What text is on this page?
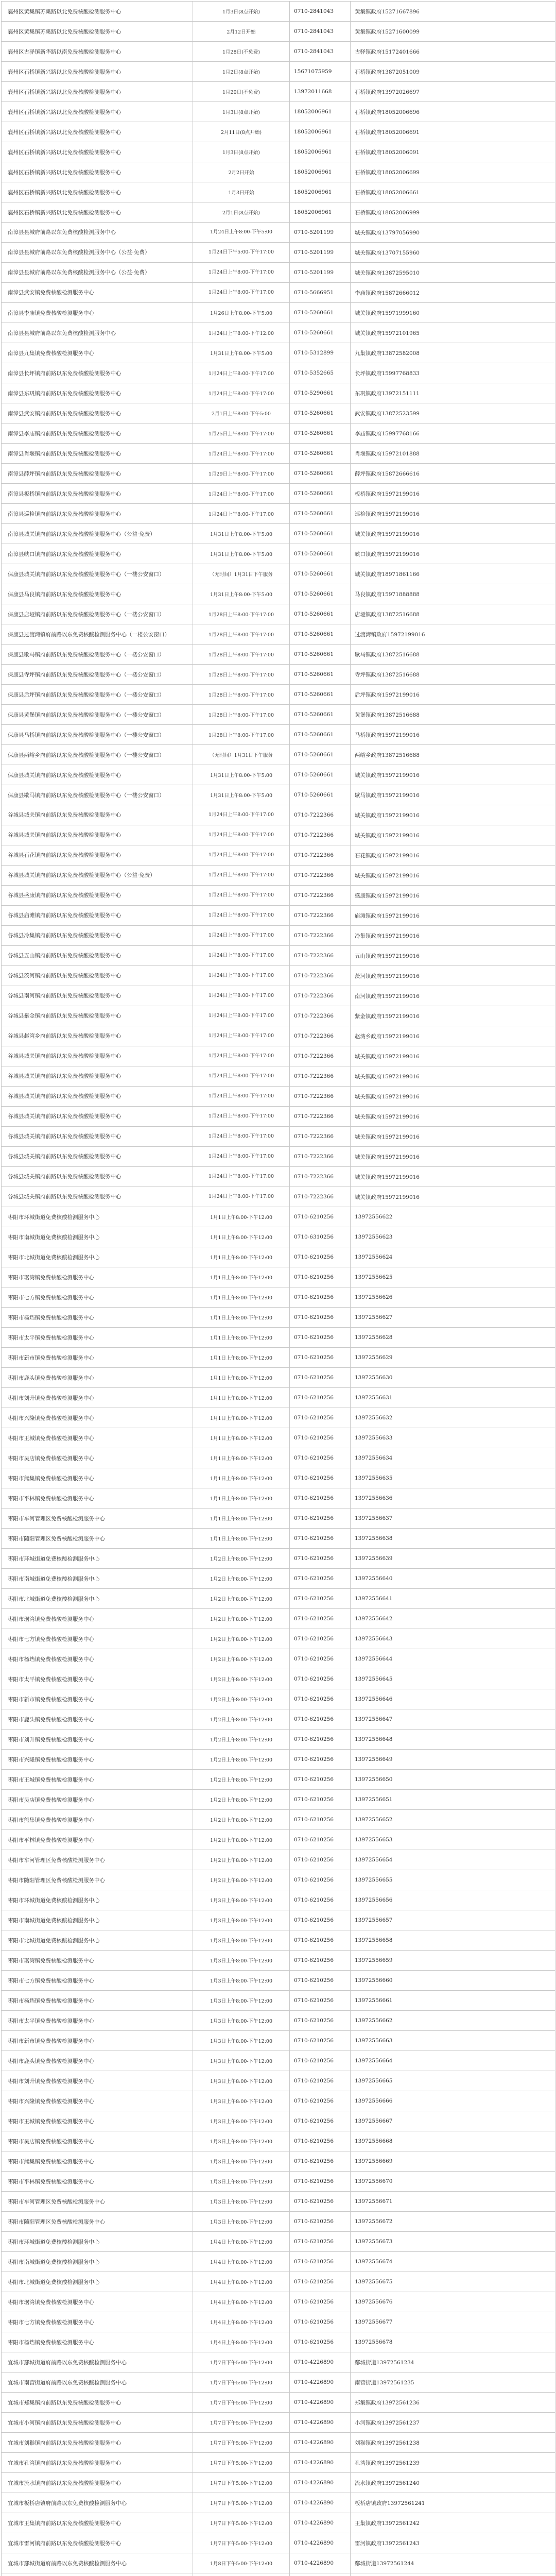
襄州区黄集镇苏集路以北免费核酸检测服务中心	1月3日(8点开始)	0710-2841043	黄集镇政府15271667896
襄州区黄集镇苏集路以北免费核酸检测服务中心	2月12日开始	0710-2841043	黄集镇政府15271600099
襄州区古驿镇新华路以南免费核酸检测服务中心	1月28日(不免费)	0710-2841043	古驿镇政府15172401666
襄州区石桥镇新兴路以北免费核酸检测服务中心	1月2日(8点开始)	15671075959	石桥镇政府13872051009
襄州区石桥镇新兴路以北免费核酸检测服务中心	1月20日(不免费)	13972011668	石桥镇政府13972026697
襄州区石桥镇新兴路以北免费核酸检测服务中心	1月3日(8点开始)	18052006961	石桥镇政府18052006696
襄州区石桥镇新兴路以北免费核酸检测服务中心	2月11日(8点开始)	18052006961	石桥镇政府18052006691
襄州区石桥镇新兴路以北免费核酸检测服务中心	1月3日(8点开始)	18052006961	石桥镇政府18052006091
襄州区石桥镇新兴路以北免费核酸检测服务中心	2月2日开始	18052006961	石桥镇政府18052006699
襄州区石桥镇新兴路以北免费核酸检测服务中心	1月3日开始	18052006961	石桥镇政府18052006661
襄州区石桥镇新兴路以北免费核酸检测服务中心	2月1日(8点开始)	18052006961	石桥镇政府18052006999
南漳县县城府前路以东免费核酸检测服务中心	1月24日上午8:00-下午5:00	0710-5201199	城关镇政府13797056990
南漳县县城府前路以东免费核酸检测服务中心（公益·免费）	1月24日下午5:00-下午17:00	0710-5201199	城关镇政府13707155960
南漳县县城府前路以东免费核酸检测服务中心（公益·免费）	1月24日上午8:00-下午17:00	0710-5201199	城关镇政府13872595010
南漳县武安镇免费核酸检测服务中心	1月24日上午8:00-下午17:00	0710-5666951	李庙镇政府15872666012
南漳县李庙镇免费核酸检测服务中心	1月26日上午8:00-下午5:00	0710-5260661	城关镇政府15971999160
南漳县县城府前路以东免费核酸检测服务中心	1月24日上午8:00-下午12:00	0710-5260661	城关镇政府15972101965
南漳县九集镇免费核酸检测服务中心	1月31日上午8:00-下午5:00	0710-5312899	九集镇政府13872582008
南漳县长坪镇府前路以东免费核酸检测服务中心	1月24日上午8:00-下午17:00	0710-5352665	长坪镇政府15997768833
南漳县东巩镇府前路以东免费核酸检测服务中心	1月24日上午8:00-下午17:00	0710-5290661	东巩镇政府13972151111
南漳县武安镇府前路以东免费核酸检测服务中心	2月1日上午8:00-下午5:00	0710-5260661	武安镇政府13872523599
南漳县李庙镇府前路以东免费核酸检测服务中心	1月25日上午8:00-下午17:00	0710-5260661	李庙镇政府15997768166
南漳县肖堰镇府前路以东免费核酸检测服务中心	1月24日上午8:00-下午17:00	0710-5260661	肖堰镇政府15972101888
南漳县薛坪镇府前路以东免费核酸检测服务中心	1月29日上午8:00-下午17:00	0710-5260661	薛坪镇政府15872666616
南漳县板桥镇府前路以东免费核酸检测服务中心	1月24日上午8:00-下午17:00	0710-5260661	板桥镇政府15972199016
南漳县巡检镇府前路以东免费核酸检测服务中心	1月24日上午8:00-下午17:00	0710-5260661	巡检镇政府15972199016
南漳县城关镇府前路以东免费核酸检测服务中心（公益·免费）	1月31日上午8:00-下午5:00	0710-5260661	城关镇政府15972199016
南漳县峡口镇府前路以东免费核酸检测服务中心	1月31日上午8:00-下午5:00	0710-5260661	峡口镇政府15972199016
保康县城关镇府前路以东免费核酸检测服务中心（一楼公安窗口）	（无时间）1月31日下午服务	0710-5260661	城关镇政府18971861166
保康县马良镇府前路以东免费核酸检测服务中心	1月31日上午8:00-下午5:00	0710-5260661	马良镇政府15971888888
保康县店垭镇府前路以东免费核酸检测服务中心（一楼公安窗口）	1月28日上午8:00-下午17:00	0710-5260661	店垭镇政府13872516688
保康县过渡湾镇府前路以东免费核酸检测服务中心（一楼公安窗口）	1月28日上午8:00-下午17:00	0710-5260661	过渡湾镇政府15972199016
保康县歇马镇府前路以东免费核酸检测服务中心（一楼公安窗口）	1月28日上午8:00-下午17:00	0710-5260661	歇马镇政府13872516688
保康县寺坪镇府前路以东免费核酸检测服务中心（一楼公安窗口）	1月28日上午8:00-下午17:00	0710-5260661	寺坪镇政府13872516688
保康县后坪镇府前路以东免费核酸检测服务中心（一楼公安窗口）	1月28日上午8:00-下午17:00	0710-5260661	后坪镇政府15972199016
保康县黄堡镇府前路以东免费核酸检测服务中心（一楼公安窗口）	1月28日上午8:00-下午17:00	0710-5260661	黄堡镇政府13872516688
保康县马桥镇府前路以东免费核酸检测服务中心（一楼公安窗口）	1月28日上午8:00-下午17:00	0710-5260661	马桥镇政府15972199016
保康县两峪乡府前路以东免费核酸检测服务中心（一楼公安窗口）	（无时间）1月31日下午服务	0710-5260661	两峪乡政府13872516688
保康县城关镇府前路以东免费核酸检测服务中心	1月31日上午8:00-下午5:00	0710-5260661	城关镇政府15972199016
保康县歇马镇府前路以东免费核酸检测服务中心（一楼公安窗口）	1月31日上午8:00-下午5:00	0710-5260661	歇马镇政府15972199016
谷城县城关镇府前路以东免费核酸检测服务中心	1月24日上午8:00-下午17:00	0710-7222366	城关镇政府15972199016
谷城县城关镇府前路以东免费核酸检测服务中心	1月24日上午8:00-下午17:00	0710-7222366	城关镇政府15972199016
谷城县石花镇府前路以东免费核酸检测服务中心	1月24日上午8:00-下午17:00	0710-7222366	石花镇政府15972199016
谷城县城关镇府前路以东免费核酸检测服务中心（公益·免费）	1月24日上午8:00-下午17:00	0710-7222366	城关镇政府15972199016
谷城县盛康镇府前路以东免费核酸检测服务中心	1月24日上午8:00-下午17:00	0710-7222366	盛康镇政府15972199016
谷城县庙滩镇府前路以东免费核酸检测服务中心	1月24日上午8:00-下午17:00	0710-7222366	庙滩镇政府15972199016
谷城县冷集镇府前路以东免费核酸检测服务中心	1月24日上午8:00-下午17:00	0710-7222366	冷集镇政府15972199016
谷城县五山镇府前路以东免费核酸检测服务中心	1月24日上午8:00-下午17:00	0710-7222366	五山镇政府15972199016
谷城县茨河镇府前路以东免费核酸检测服务中心	1月24日上午8:00-下午17:00	0710-7222366	茨河镇政府15972199016
谷城县南河镇府前路以东免费核酸检测服务中心	1月24日上午8:00-下午17:00	0710-7222366	南河镇政府15972199016
谷城县紫金镇府前路以东免费核酸检测服务中心	1月24日上午8:00-下午17:00	0710-7222366	紫金镇政府15972199016
谷城县赵湾乡府前路以东免费核酸检测服务中心	1月24日上午8:00-下午17:00	0710-7222366	赵湾乡政府15972199016
谷城县城关镇府前路以东免费核酸检测服务中心	1月24日上午8:00-下午17:00	0710-7222366	城关镇政府15972199016
谷城县城关镇府前路以东免费核酸检测服务中心	1月24日上午8:00-下午17:00	0710-7222366	城关镇政府15972199016
谷城县城关镇府前路以东免费核酸检测服务中心	1月24日上午8:00-下午17:00	0710-7222366	城关镇政府15972199016
谷城县城关镇府前路以东免费核酸检测服务中心	1月24日上午8:00-下午17:00	0710-7222366	城关镇政府15972199016
谷城县城关镇府前路以东免费核酸检测服务中心	1月24日上午8:00-下午17:00	0710-7222366	城关镇政府15972199016
谷城县城关镇府前路以东免费核酸检测服务中心	1月24日上午8:00-下午17:00	0710-7222366	城关镇政府15972199016
谷城县城关镇府前路以东免费核酸检测服务中心	1月24日上午8:00-下午17:00	0710-7222366	城关镇政府15972199016
谷城县城关镇府前路以东免费核酸检测服务中心	1月24日上午8:00-下午17:00	0710-7222366	城关镇政府15972199016
枣阳市环城街道免费核酸检测服务中心	1月1日上午8:00-下午12:00	0710-6210256	13972556622
枣阳市南城街道免费核酸检测服务中心	1月1日上午8:00-下午12:00	0710-6310256	13972556623
枣阳市北城街道免费核酸检测服务中心	1月1日上午8:00-下午12:00	0710-6210256	13972556624
枣阳市琚湾镇免费核酸检测服务中心	1月1日上午8:00-下午12:00	0710-6210256	13972556625
枣阳市七方镇免费核酸检测服务中心	1月1日上午8:00-下午12:00	0710-6210256	13972556626
枣阳市杨垱镇免费核酸检测服务中心	1月1日上午8:00-下午12:00	0710-6210256	13972556627
枣阳市太平镇免费核酸检测服务中心	1月1日上午8:00-下午12:00	0710-6210256	13972556628
枣阳市新市镇免费核酸检测服务中心	1月1日上午8:00-下午12:00	0710-6210256	13972556629
枣阳市鹿头镇免费核酸检测服务中心	1月1日上午8:00-下午12:00	0710-6210256	13972556630
枣阳市刘升镇免费核酸检测服务中心	1月1日上午8:00-下午12:00	0710-6210256	13972556631
枣阳市兴隆镇免费核酸检测服务中心	1月1日上午8:00-下午12:00	0710-6210256	13972556632
枣阳市王城镇免费核酸检测服务中心	1月1日上午8:00-下午12:00	0710-6210256	13972556633
枣阳市吴店镇免费核酸检测服务中心	1月1日上午8:00-下午12:00	0710-6210256	13972556634
枣阳市熊集镇免费核酸检测服务中心	1月1日上午8:00-下午12:00	0710-6210256	13972556635
枣阳市平林镇免费核酸检测服务中心	1月1日上午8:00-下午12:00	0710-6210256	13972556636
枣阳市车河管理区免费核酸检测服务中心	1月1日上午8:00-下午12:00	0710-6210256	13972556637
枣阳市随阳管理区免费核酸检测服务中心	1月1日上午8:00-下午12:00	0710-6210256	13972556638
枣阳市环城街道免费核酸检测服务中心	1月2日上午8:00-下午12:00	0710-6210256	13972556639
枣阳市南城街道免费核酸检测服务中心	1月2日上午8:00-下午12:00	0710-6210256	13972556640
枣阳市北城街道免费核酸检测服务中心	1月2日上午8:00-下午12:00	0710-6210256	13972556641
枣阳市琚湾镇免费核酸检测服务中心	1月2日上午8:00-下午12:00	0710-6210256	13972556642
枣阳市七方镇免费核酸检测服务中心	1月2日上午8:00-下午12:00	0710-6210256	13972556643
枣阳市杨垱镇免费核酸检测服务中心	1月2日上午8:00-下午12:00	0710-6210256	13972556644
枣阳市太平镇免费核酸检测服务中心	1月2日上午8:00-下午12:00	0710-6210256	13972556645
枣阳市新市镇免费核酸检测服务中心	1月2日上午8:00-下午12:00	0710-6210256	13972556646
枣阳市鹿头镇免费核酸检测服务中心	1月2日上午8:00-下午12:00	0710-6210256	13972556647
枣阳市刘升镇免费核酸检测服务中心	1月2日上午8:00-下午12:00	0710-6210256	13972556648
枣阳市兴隆镇免费核酸检测服务中心	1月2日上午8:00-下午12:00	0710-6210256	13972556649
枣阳市王城镇免费核酸检测服务中心	1月2日上午8:00-下午12:00	0710-6210256	13972556650
枣阳市吴店镇免费核酸检测服务中心	1月2日上午8:00-下午12:00	0710-6210256	13972556651
枣阳市熊集镇免费核酸检测服务中心	1月2日上午8:00-下午12:00	0710-6210256	13972556652
枣阳市平林镇免费核酸检测服务中心	1月2日上午8:00-下午12:00	0710-6210256	13972556653
枣阳市车河管理区免费核酸检测服务中心	1月2日上午8:00-下午12:00	0710-6210256	13972556654
枣阳市随阳管理区免费核酸检测服务中心	1月2日上午8:00-下午12:00	0710-6210256	13972556655
枣阳市环城街道免费核酸检测服务中心	1月3日上午8:00-下午12:00	0710-6210256	13972556656
枣阳市南城街道免费核酸检测服务中心	1月3日上午8:00-下午12:00	0710-6210256	13972556657
枣阳市北城街道免费核酸检测服务中心	1月3日上午8:00-下午12:00	0710-6210256	13972556658
枣阳市琚湾镇免费核酸检测服务中心	1月3日上午8:00-下午12:00	0710-6210256	13972556659
枣阳市七方镇免费核酸检测服务中心	1月3日上午8:00-下午12:00	0710-6210256	13972556660
枣阳市杨垱镇免费核酸检测服务中心	1月3日上午8:00-下午12:00	0710-6210256	13972556661
枣阳市太平镇免费核酸检测服务中心	1月3日上午8:00-下午12:00	0710-6210256	13972556662
枣阳市新市镇免费核酸检测服务中心	1月3日上午8:00-下午12:00	0710-6210256	13972556663
枣阳市鹿头镇免费核酸检测服务中心	1月3日上午8:00-下午12:00	0710-6210256	13972556664
枣阳市刘升镇免费核酸检测服务中心	1月3日上午8:00-下午12:00	0710-6210256	13972556665
枣阳市兴隆镇免费核酸检测服务中心	1月3日上午8:00-下午12:00	0710-6210256	13972556666
枣阳市王城镇免费核酸检测服务中心	1月3日上午8:00-下午12:00	0710-6210256	13972556667
枣阳市吴店镇免费核酸检测服务中心	1月3日上午8:00-下午12:00	0710-6210256	13972556668
枣阳市熊集镇免费核酸检测服务中心	1月3日上午8:00-下午12:00	0710-6210256	13972556669
枣阳市平林镇免费核酸检测服务中心	1月3日上午8:00-下午12:00	0710-6210256	13972556670
枣阳市车河管理区免费核酸检测服务中心	1月3日上午8:00-下午12:00	0710-6210256	13972556671
枣阳市随阳管理区免费核酸检测服务中心	1月3日上午8:00-下午12:00	0710-6210256	13972556672
枣阳市环城街道免费核酸检测服务中心	1月4日上午8:00-下午12:00	0710-6210256	13972556673
枣阳市南城街道免费核酸检测服务中心	1月4日上午8:00-下午12:00	0710-6210256	13972556674
枣阳市北城街道免费核酸检测服务中心	1月4日上午8:00-下午12:00	0710-6210256	13972556675
枣阳市琚湾镇免费核酸检测服务中心	1月4日上午8:00-下午12:00	0710-6210256	13972556676
枣阳市七方镇免费核酸检测服务中心	1月4日上午8:00-下午12:00	0710-6210256	13972556677
枣阳市杨垱镇免费核酸检测服务中心	1月4日上午8:00-下午12:00	0710-6210256	13972556678
宜城市鄢城街道府前路以东免费核酸检测服务中心	1月7日下午5:00-下午12:00	0710-4226890	鄢城街道13972561234
宜城市南营街道府前路以东免费核酸检测服务中心	1月7日下午5:00-下午12:00	0710-4226890	南营街道13972561235
宜城市郑集镇府前路以东免费核酸检测服务中心	1月7日下午5:00-下午12:00	0710-4226890	郑集镇政府13972561236
宜城市小河镇府前路以东免费核酸检测服务中心	1月7日下午5:00-下午12:00	0710-4226890	小河镇政府13972561237
宜城市刘猴镇府前路以东免费核酸检测服务中心	1月7日下午5:00-下午12:00	0710-4226890	刘猴镇政府13972561238
宜城市孔湾镇府前路以东免费核酸检测服务中心	1月7日下午5:00-下午12:00	0710-4226890	孔湾镇政府13972561239
宜城市流水镇府前路以东免费核酸检测服务中心	1月7日下午5:00-下午12:00	0710-4226890	流水镇政府13972561240
宜城市板桥店镇府前路以东免费核酸检测服务中心	1月7日下午5:00-下午12:00	0710-4226890	板桥店镇政府13972561241
宜城市王集镇府前路以东免费核酸检测服务中心	1月7日下午5:00-下午12:00	0710-4226890	王集镇政府13972561242
宜城市雷河镇府前路以东免费核酸检测服务中心	1月7日下午5:00-下午12:00	0710-4226890	雷河镇政府13972561243
宜城市鄢城街道府前路以东免费核酸检测服务中心	1月8日下午5:00-下午12:00	0710-4226890	鄢城街道13972561244
